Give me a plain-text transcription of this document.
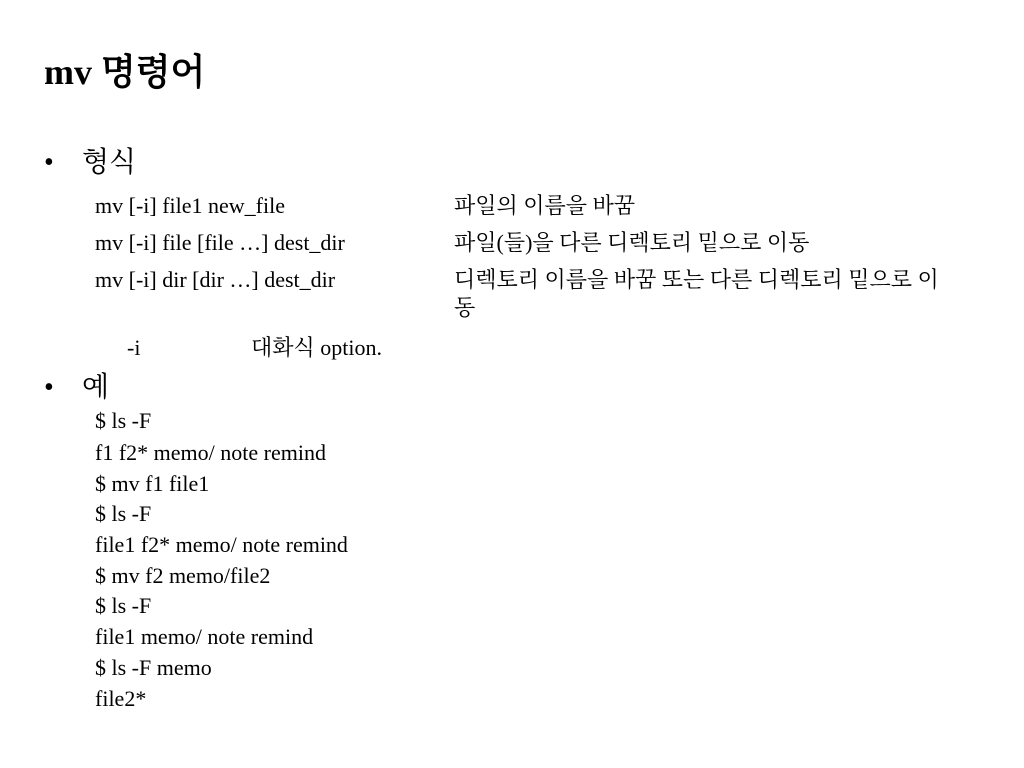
mv 명령어
• 형식
mv [-i] file1 new_file	파일의 이름을 바꿈
mv [-i] file [file …] dest_dir	파일(들)을 다른 디렉토리 밑으로 이동
mv [-i] dir [dir …] dest_dir	디렉토리 이름을 바꿈 또는 다른 디렉토리 밑으로 이동
-i	대화식 option.
• 예
$ ls -F
f1 f2* memo/ note remind
$ mv f1 file1
$ ls -F
file1 f2* memo/ note remind
$ mv f2 memo/file2
$ ls -F
file1 memo/ note remind
$ ls -F memo
file2*
